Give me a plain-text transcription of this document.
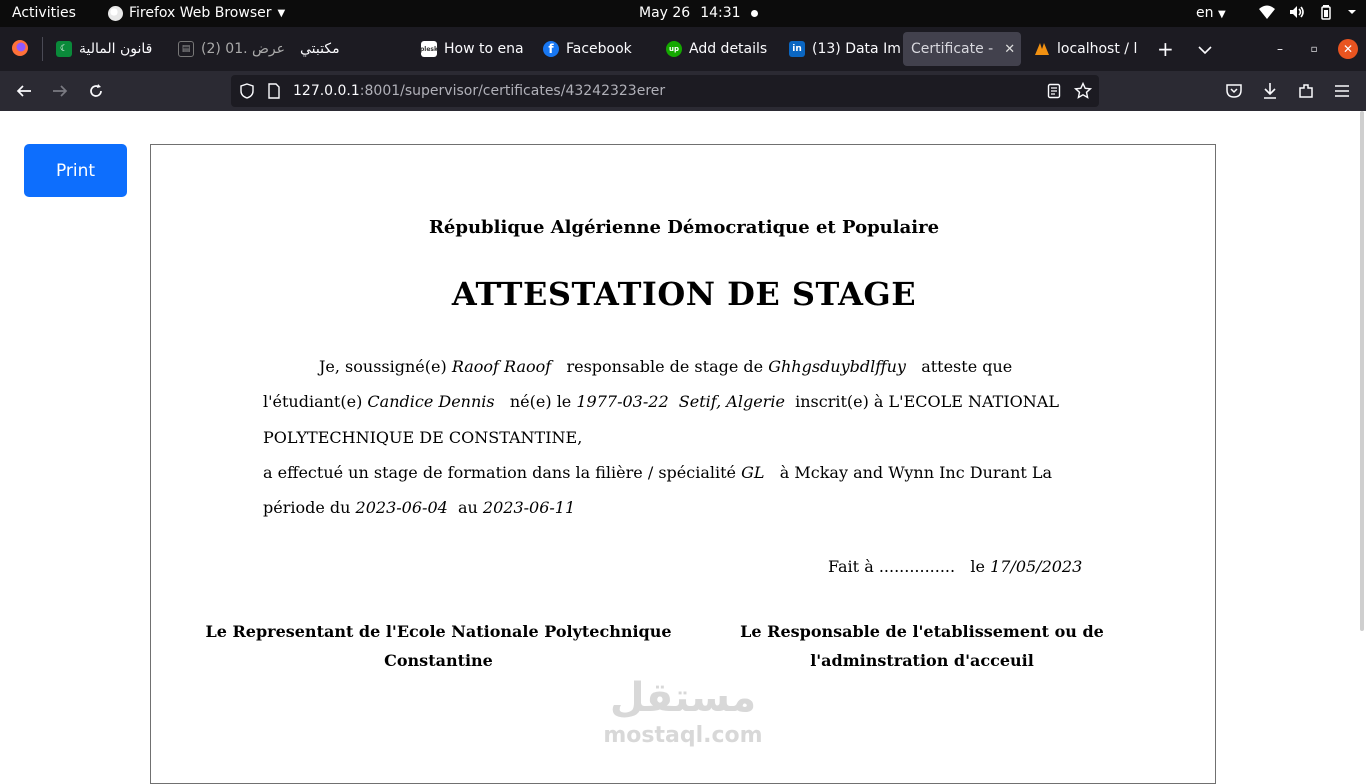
Activities	Firefox Web Browser ▼	May 26 14:31	en ▼
☾ قانون المالية	▤ (2) 01. عرض مكتبتي	plesk How to ena	f Facebook	up Add details	in (13) Data Im Certificate - ✕	localhost / l +	–	▫	✕
127.0.0.1:8001/supervisor/certificates/43242323erer
Print
République Algérienne Démocratique et Populaire
ATTESTATION DE STAGE
Je, soussigné(e) Raoof Raoof responsable de stage de Ghhgsduybdlffuy atteste que
l'étudiant(e) Candice Dennis né(e) le 1977-03-22 Setif, Algerie inscrit(e) à L'ECOLE NATIONAL
POLYTECHNIQUE DE CONSTANTINE,
a effectué un stage de formation dans la filière / spécialité GL à Mckay and Wynn Inc Durant La
période du 2023-06-04 au 2023-06-11
Fait à ............... le 17/05/2023
Le Representant de l'Ecole Nationale Polytechnique
Constantine
Le Responsable de l'etablissement ou de
l'adminstration d'acceuil
مستقل
mostaql.com
